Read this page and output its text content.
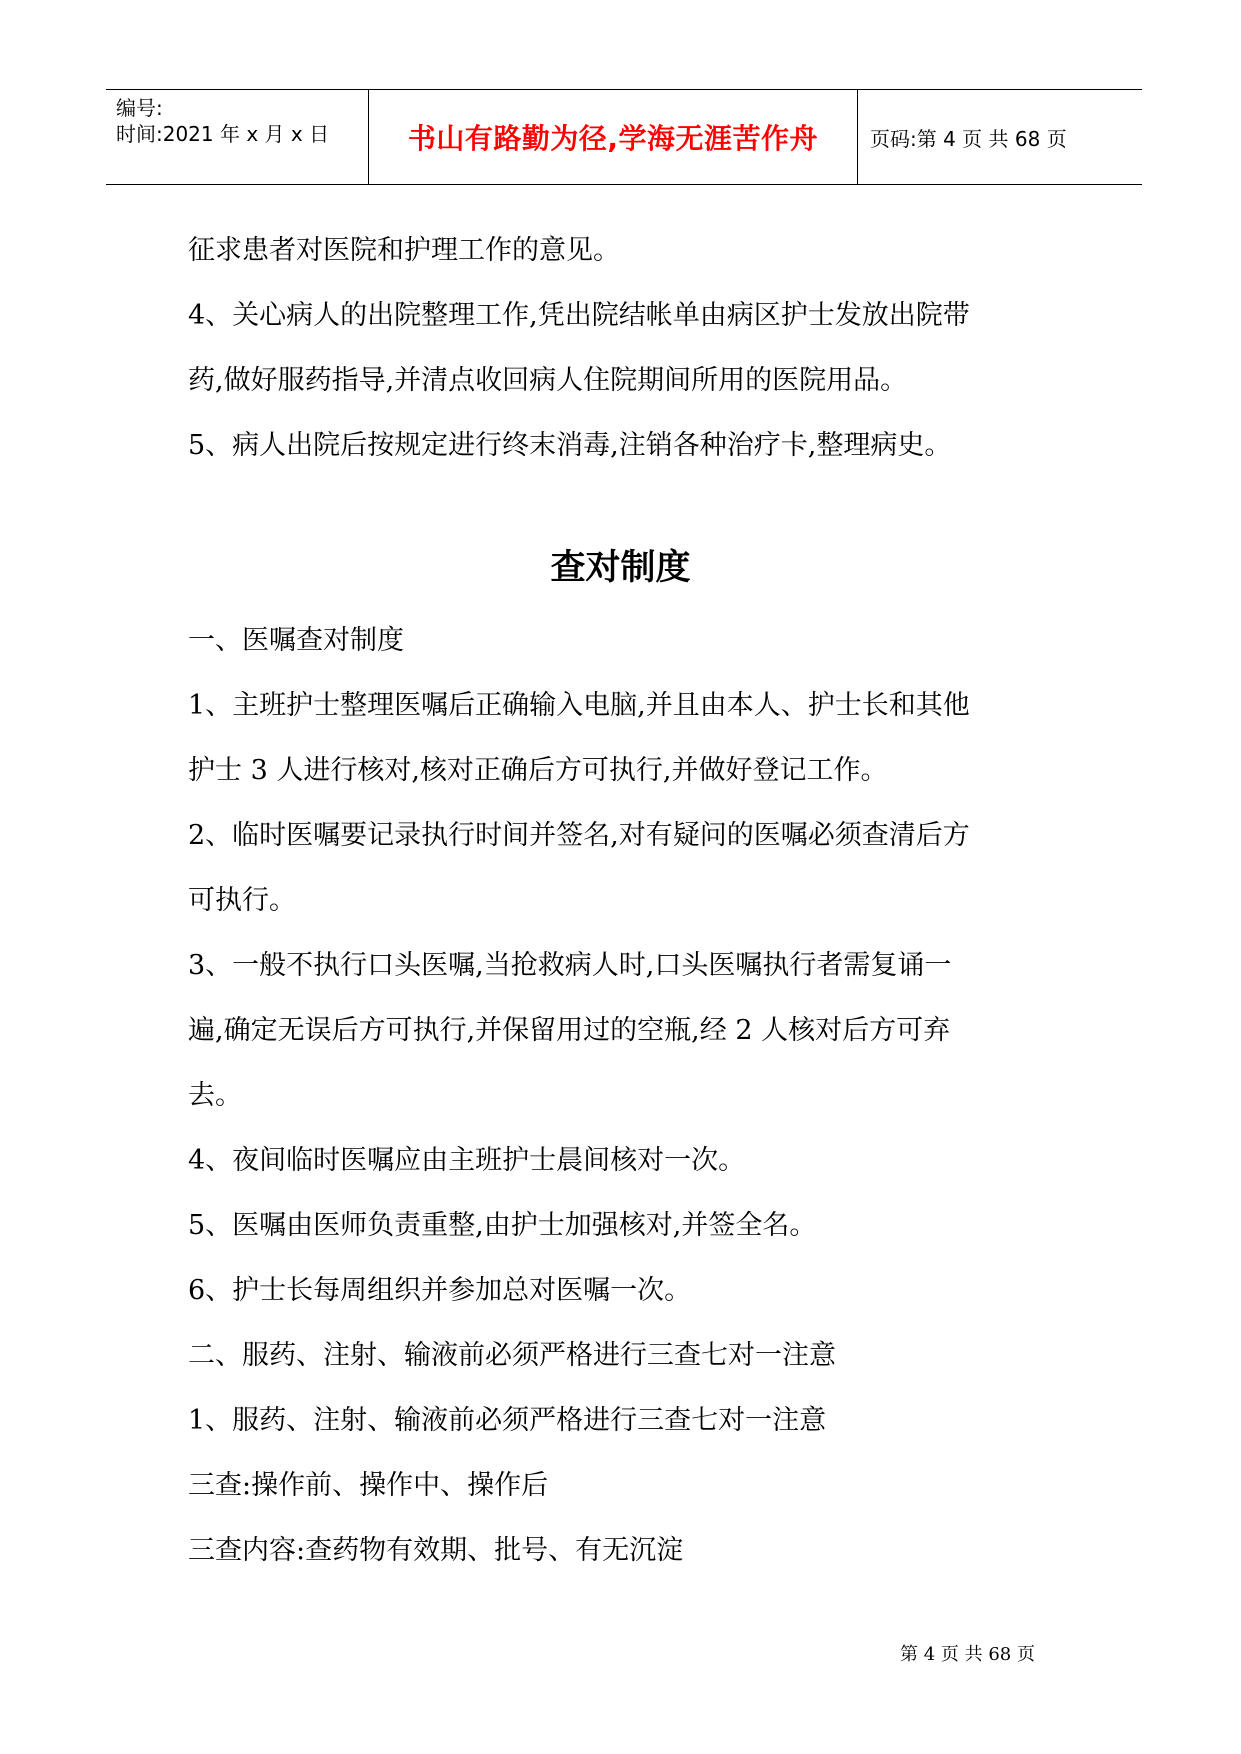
编号:
时间:2021 年 x 月 x 日	书山有路勤为径,学海无涯苦作舟	页码:第 4 页 共 68 页

征求患者对医院和护理工作的意见。

4、关心病人的出院整理工作,凭出院结帐单由病区护士发放出院带
药,做好服药指导,并清点收回病人住院期间所用的医院用品。

5、病人出院后按规定进行终末消毒,注销各种治疗卡,整理病史。

查对制度

一、医嘱查对制度

1、主班护士整理医嘱后正确输入电脑,并且由本人、护士长和其他
护士 3 人进行核对,核对正确后方可执行,并做好登记工作。

2、临时医嘱要记录执行时间并签名,对有疑问的医嘱必须查清后方
可执行。

3、一般不执行口头医嘱,当抢救病人时,口头医嘱执行者需复诵一
遍,确定无误后方可执行,并保留用过的空瓶,经 2 人核对后方可弃
去。

4、夜间临时医嘱应由主班护士晨间核对一次。

5、医嘱由医师负责重整,由护士加强核对,并签全名。

6、护士长每周组织并参加总对医嘱一次。

二、服药、注射、输液前必须严格进行三查七对一注意

1、服药、注射、输液前必须严格进行三查七对一注意

三查:操作前、操作中、操作后

三查内容:查药物有效期、批号、有无沉淀

第 4 页 共 68 页
